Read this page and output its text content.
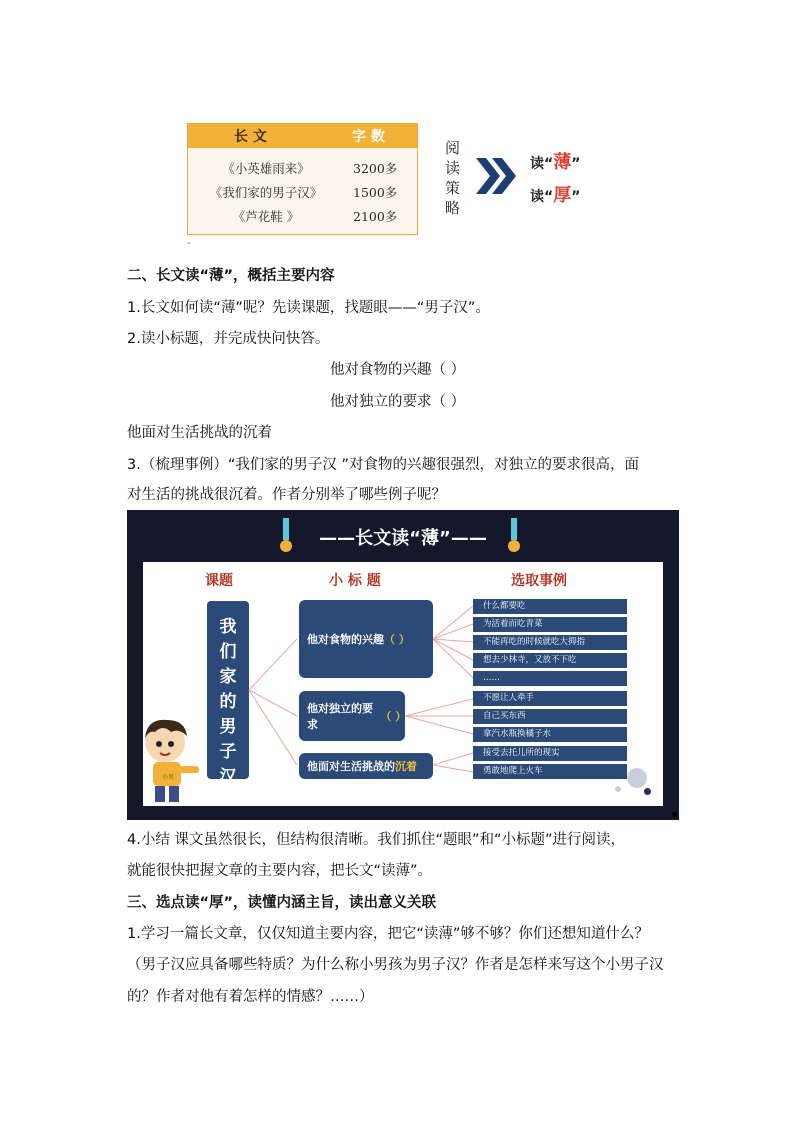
长 文	字 数
《小英雄雨来》	3200多
《我们家的男子汉》	1500多
《芦花鞋 》	2100多
-
阅
读
策
略
读“薄”
读“厚”
二、长文读“薄”，概括主要内容
1.长文如何读“薄”呢？先读课题，找题眼——“男子汉”。
2.读小标题，并完成快问快答。
他对食物的兴趣（ ）
他对独立的要求（ ）
他面对生活挑战的沉着
3.（梳理事例）“我们家的男子汉 ”对食物的兴趣很强烈，对独立的要求很高，面
对生活的挑战很沉着。作者分别举了哪些例子呢？
——长文读“薄”——
课题	小 标 题	选取事例
我
们
家
的
男
子
汉
他对食物的兴趣 （ ）
他对独立的要求
（ ）
他面对生活挑战的 沉着
什么都要吃
为活着而吃青菜
不能再吃的时候就吃大拇指
想去少林寺，又放不下吃
……
不愿让人牵手
自己买东西
拿汽水瓶换橘子水
接受去托儿所的现实
勇敢地爬上火车
小男
4.小结 课文虽然很长，但结构很清晰。我们抓住“题眼”和“小标题”进行阅读，
就能很快把握文章的主要内容，把长文“读薄”。
三、选点读“厚”，读懂内涵主旨，读出意义关联
1.学习一篇长文章，仅仅知道主要内容，把它“读薄”够不够？你们还想知道什么？
（男子汉应具备哪些特质？为什么称小男孩为男子汉？作者是怎样来写这个小男子汉
的？作者对他有着怎样的情感？……）
